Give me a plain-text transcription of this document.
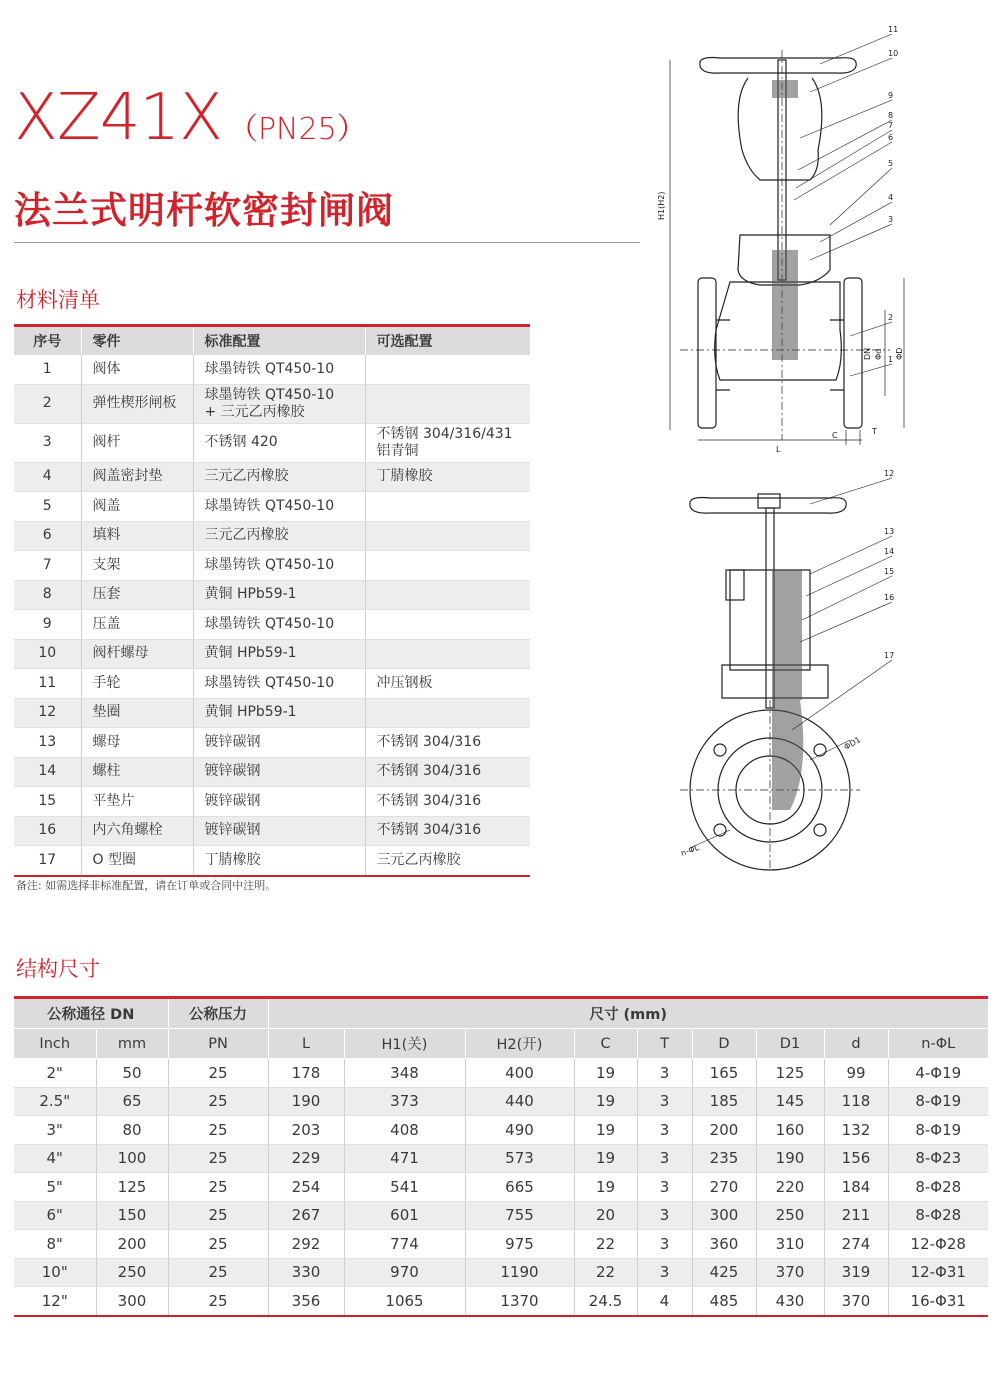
XZ41X （PN25）
法兰式明杆软密封闸阀
材料清单
序号	零件	标准配置	可选配置
1	阀体	球墨铸铁 QT450-10	
2	弹性楔形闸板	球墨铸铁 QT450-10
+ 三元乙丙橡胶	
3	阀杆	不锈钢 420	不锈钢 304/316/431
铝青铜
4	阀盖密封垫	三元乙丙橡胶	丁腈橡胶
5	阀盖	球墨铸铁 QT450-10	
6	填料	三元乙丙橡胶	
7	支架	球墨铸铁 QT450-10	
8	压套	黄铜 HPb59-1	
9	压盖	球墨铸铁 QT450-10	
10	阀杆螺母	黄铜 HPb59-1	
11	手轮	球墨铸铁 QT450-10	冲压钢板
12	垫圈	黄铜 HPb59-1	
13	螺母	镀锌碳钢	不锈钢 304/316
14	螺柱	镀锌碳钢	不锈钢 304/316
15	平垫片	镀锌碳钢	不锈钢 304/316
16	内六角螺栓	镀锌碳钢	不锈钢 304/316
17	O 型圈	丁腈橡胶	三元乙丙橡胶
备注: 如需选择非标准配置，请在订单或合同中注明。
结构尺寸
公称通径 DN		公称压力	尺寸 (mm)								
Inch	mm	PN	L	H1(关)	H2(开)	C	T	D	D1	d	n-ΦL
2"	50	25	178	348	400	19	3	165	125	99	4-Φ19
2.5"	65	25	190	373	440	19	3	185	145	118	8-Φ19
3"	80	25	203	408	490	19	3	200	160	132	8-Φ19
4"	100	25	229	471	573	19	3	235	190	156	8-Φ23
5"	125	25	254	541	665	19	3	270	220	184	8-Φ28
6"	150	25	267	601	755	20	3	300	250	211	8-Φ28
8"	200	25	292	774	975	22	3	360	310	274	12-Φ28
10"	250	25	330	970	1190	22	3	425	370	319	12-Φ31
12"	300	25	356	1065	1370	24.5	4	485	430	370	16-Φ31
11
10
9
8
7
6
5
4
3
2
1
H1(H2)
L
C	T
DN Φd ΦD
12
13
14
15
16
17
ΦD1
n-ΦL
